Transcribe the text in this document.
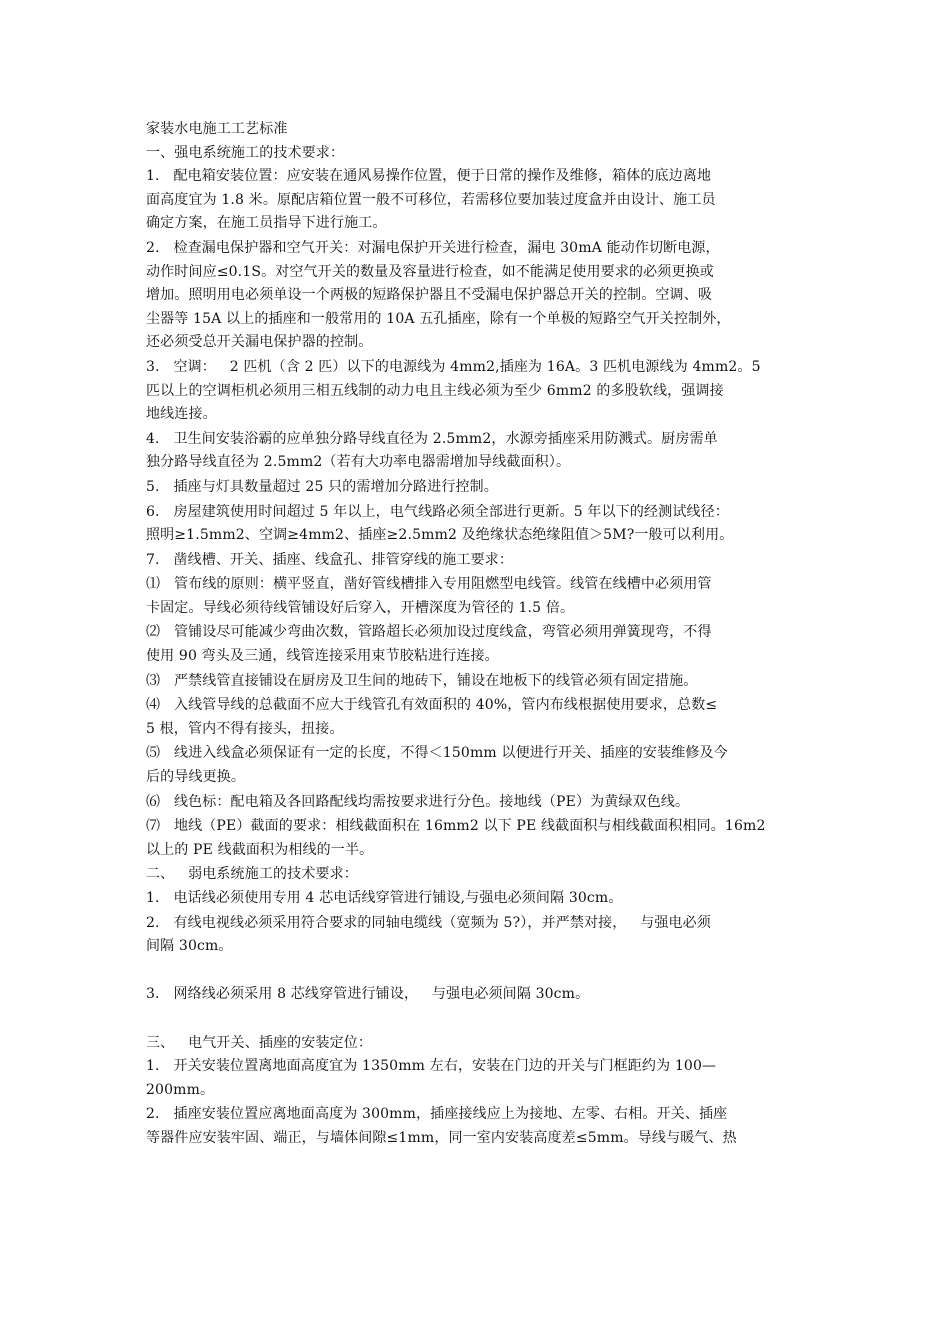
家装水电施工工艺标准
一、强电系统施工的技术要求：
1.   配电箱安装位置：应安装在通风易操作位置，便于日常的操作及维修，箱体的底边离地
面高度宜为 1.8 米。原配店箱位置一般不可移位，若需移位要加装过度盒并由设计、施工员
确定方案，在施工员指导下进行施工。
2.   检查漏电保护器和空气开关：对漏电保护开关进行检查，漏电 30mA 能动作切断电源，
动作时间应≤0.1S。对空气开关的数量及容量进行检查，如不能满足使用要求的必须更换或
增加。照明用电必须单设一个两极的短路保护器且不受漏电保护器总开关的控制。空调、吸
尘器等 15A 以上的插座和一般常用的 10A 五孔插座，除有一个单极的短路空气开关控制外，
还必须受总开关漏电保护器的控制。
3.   空调：   2 匹机（含 2 匹）以下的电源线为 4mm2,插座为 16A。3 匹机电源线为 4mm2。5
匹以上的空调柜机必须用三相五线制的动力电且主线必须为至少 6mm2 的多股软线，强调接
地线连接。
4.   卫生间安装浴霸的应单独分路导线直径为 2.5mm2，水源旁插座采用防溅式。厨房需单
独分路导线直径为 2.5mm2（若有大功率电器需增加导线截面积）。
5.   插座与灯具数量超过 25 只的需增加分路进行控制。
6.   房屋建筑使用时间超过 5 年以上，电气线路必须全部进行更新。5 年以下的经测试线径：
照明≥1.5mm2、空调≥4mm2、插座≥2.5mm2 及绝缘状态绝缘阻值＞5M?一般可以利用。
7.   凿线槽、开关、插座、线盒孔、排管穿线的施工要求：
⑴   管布线的原则：横平竖直，凿好管线槽排入专用阻燃型电线管。线管在线槽中必须用管
卡固定。导线必须待线管铺设好后穿入，开槽深度为管径的 1.5 倍。
⑵   管铺设尽可能减少弯曲次数，管路超长必须加设过度线盒，弯管必须用弹簧现弯，不得
使用 90 弯头及三通，线管连接采用束节胶粘进行连接。
⑶   严禁线管直接铺设在厨房及卫生间的地砖下，铺设在地板下的线管必须有固定措施。
⑷   入线管导线的总截面不应大于线管孔有效面积的 40%，管内布线根据使用要求，总数≤
5 根，管内不得有接头，扭接。
⑸   线进入线盒必须保证有一定的长度，不得＜150mm 以便进行开关、插座的安装维修及今
后的导线更换。
⑹   线色标：配电箱及各回路配线均需按要求进行分色。接地线（PE）为黄绿双色线。
⑺   地线（PE）截面的要求：相线截面积在 16mm2 以下 PE 线截面积与相线截面积相同。16m2
以上的 PE 线截面积为相线的一半。
二、   弱电系统施工的技术要求：
1.   电话线必须使用专用 4 芯电话线穿管进行铺设,与强电必须间隔 30cm。
2.   有线电视线必须采用符合要求的同轴电缆线（宽频为 5?），并严禁对接，   与强电必须
间隔 30cm。
3.   网络线必须采用 8 芯线穿管进行铺设，   与强电必须间隔 30cm。
三、   电气开关、插座的安装定位：
1.   开关安装位置离地面高度宜为 1350mm 左右，安装在门边的开关与门框距约为 100—
200mm。
2.   插座安装位置应离地面高度为 300mm，插座接线应上为接地、左零、右相。开关、插座
等器件应安装牢固、端正，与墙体间隙≤1mm，同一室内安装高度差≤5mm。导线与暖气、热
